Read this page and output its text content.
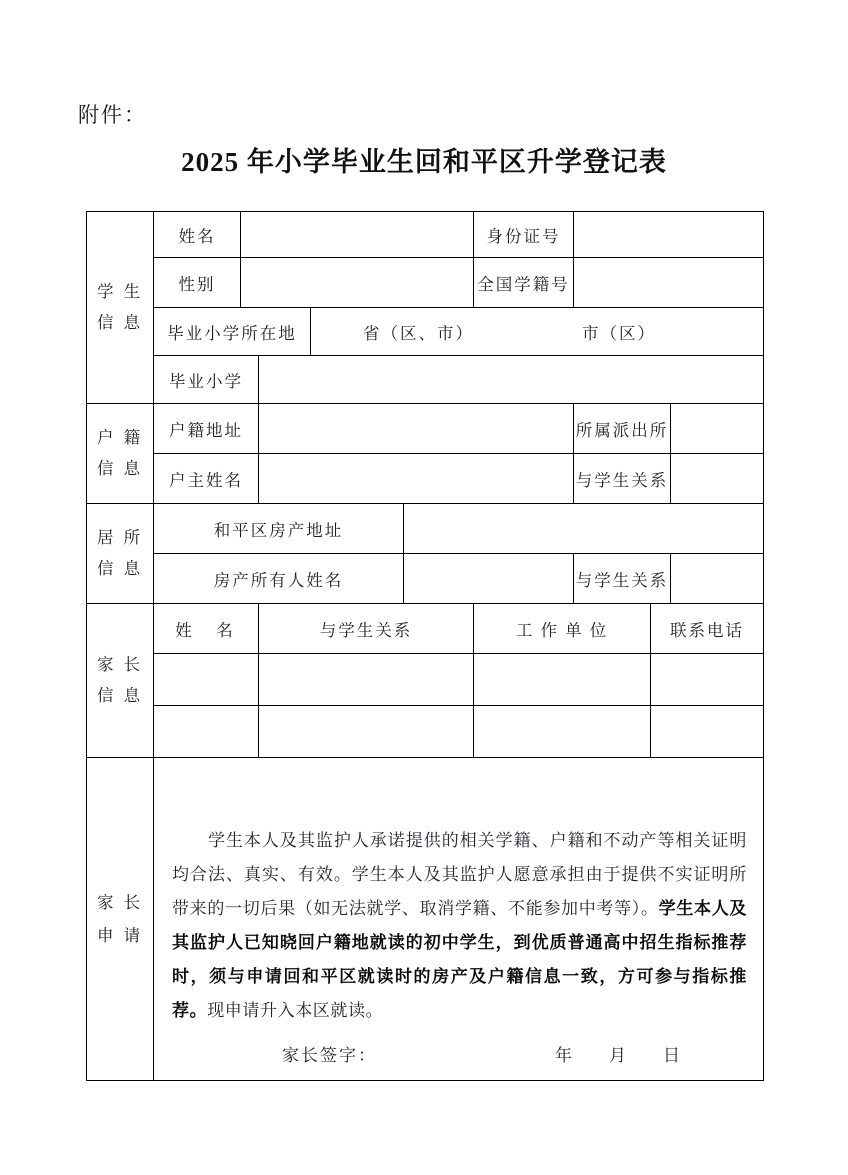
附件：
2025 年小学毕业生回和平区升学登记表
学 生
信 息	姓名					身份证号			
	性别					全国学籍号			
	毕业小学所在地			省（区、市） 市（区）					

	毕业小学								

户 籍
信 息	户籍地址						所属派出所		
	户主姓名						与学生关系		

居 所
信 息	和平区房产地址								
	房产所有人姓名						与学生关系		

家 长
信 息	姓　名		与学生关系			工 作 单 位		联系电话	

家 长
申 请

　　学生本人及其监护人承诺提供的相关学籍、户籍和不动产等相关证明均合法、真实、有效。学生本人及其监护人愿意承担由于提供不实证明所带来的一切后果（如无法就学、取消学籍、不能参加中考等）。学生本人及其监护人已知晓回户籍地就读的初中学生，到优质普通高中招生指标推荐时，须与申请回和平区就读时的房产及户籍信息一致，方可参与指标推荐。现申请升入本区就读。
家长签字：	年　　月　　日
